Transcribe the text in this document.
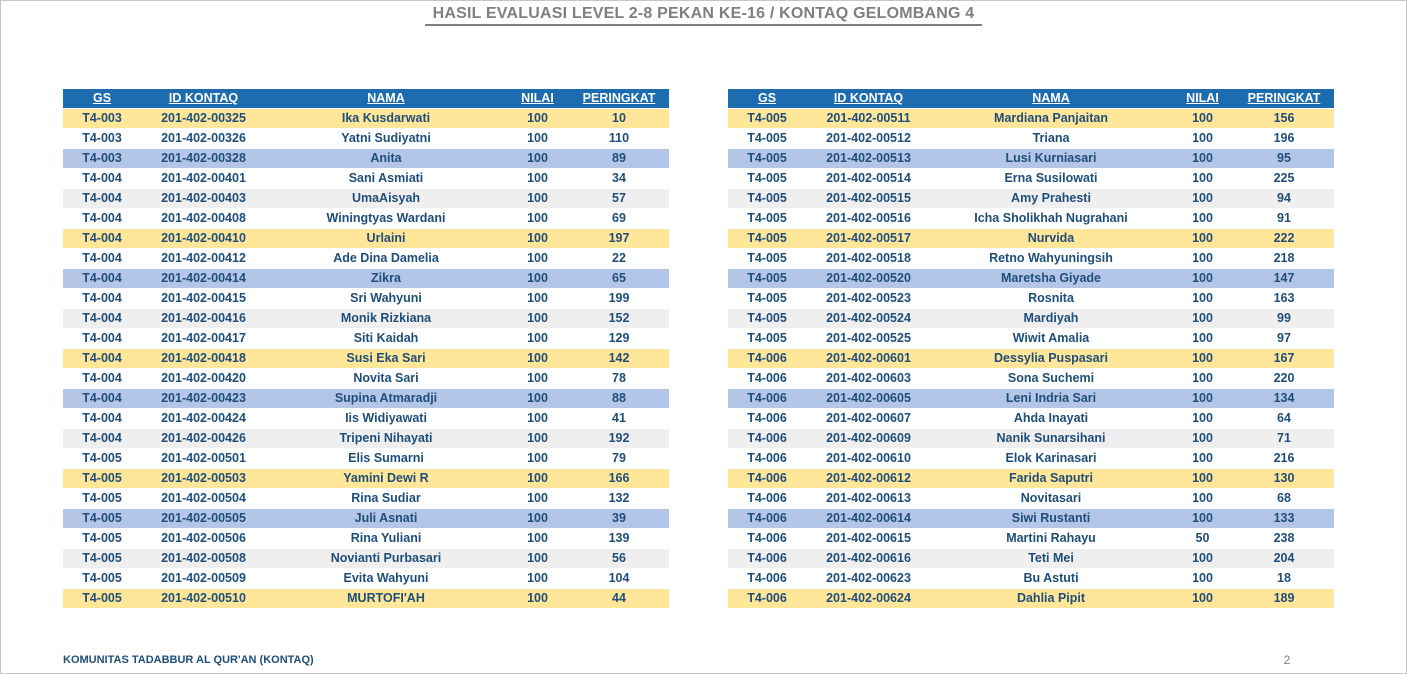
HASIL EVALUASI LEVEL 2-8 PEKAN KE-16 / KONTAQ GELOMBANG 4
GS	ID KONTAQ	NAMA	NILAI	PERINGKAT
T4-003	201-402-00325	Ika Kusdarwati	100	10
T4-003	201-402-00326	Yatni Sudiyatni	100	110
T4-003	201-402-00328	Anita	100	89
T4-004	201-402-00401	Sani Asmiati	100	34
T4-004	201-402-00403	UmaAisyah	100	57
T4-004	201-402-00408	Winingtyas Wardani	100	69
T4-004	201-402-00410	Urlaini	100	197
T4-004	201-402-00412	Ade Dina Damelia	100	22
T4-004	201-402-00414	Zikra	100	65
T4-004	201-402-00415	Sri Wahyuni	100	199
T4-004	201-402-00416	Monik Rizkiana	100	152
T4-004	201-402-00417	Siti Kaidah	100	129
T4-004	201-402-00418	Susi Eka Sari	100	142
T4-004	201-402-00420	Novita Sari	100	78
T4-004	201-402-00423	Supina Atmaradji	100	88
T4-004	201-402-00424	Iis Widiyawati	100	41
T4-004	201-402-00426	Tripeni Nihayati	100	192
T4-005	201-402-00501	Elis Sumarni	100	79
T4-005	201-402-00503	Yamini Dewi R	100	166
T4-005	201-402-00504	Rina Sudiar	100	132
T4-005	201-402-00505	Juli Asnati	100	39
T4-005	201-402-00506	Rina Yuliani	100	139
T4-005	201-402-00508	Novianti Purbasari	100	56
T4-005	201-402-00509	Evita Wahyuni	100	104
T4-005	201-402-00510	MURTOFI'AH	100	44
GS	ID KONTAQ	NAMA	NILAI	PERINGKAT
T4-005	201-402-00511	Mardiana Panjaitan	100	156
T4-005	201-402-00512	Triana	100	196
T4-005	201-402-00513	Lusi Kurniasari	100	95
T4-005	201-402-00514	Erna Susilowati	100	225
T4-005	201-402-00515	Amy Prahesti	100	94
T4-005	201-402-00516	Icha Sholikhah Nugrahani	100	91
T4-005	201-402-00517	Nurvida	100	222
T4-005	201-402-00518	Retno Wahyuningsih	100	218
T4-005	201-402-00520	Maretsha Giyade	100	147
T4-005	201-402-00523	Rosnita	100	163
T4-005	201-402-00524	Mardiyah	100	99
T4-005	201-402-00525	Wiwit Amalia	100	97
T4-006	201-402-00601	Dessylia Puspasari	100	167
T4-006	201-402-00603	Sona Suchemi	100	220
T4-006	201-402-00605	Leni Indria Sari	100	134
T4-006	201-402-00607	Ahda Inayati	100	64
T4-006	201-402-00609	Nanik Sunarsihani	100	71
T4-006	201-402-00610	Elok Karinasari	100	216
T4-006	201-402-00612	Farida Saputri	100	130
T4-006	201-402-00613	Novitasari	100	68
T4-006	201-402-00614	Siwi Rustanti	100	133
T4-006	201-402-00615	Martini Rahayu	50	238
T4-006	201-402-00616	Teti Mei	100	204
T4-006	201-402-00623	Bu Astuti	100	18
T4-006	201-402-00624	Dahlia Pipit	100	189
KOMUNITAS TADABBUR AL QUR'AN (KONTAQ)	2
